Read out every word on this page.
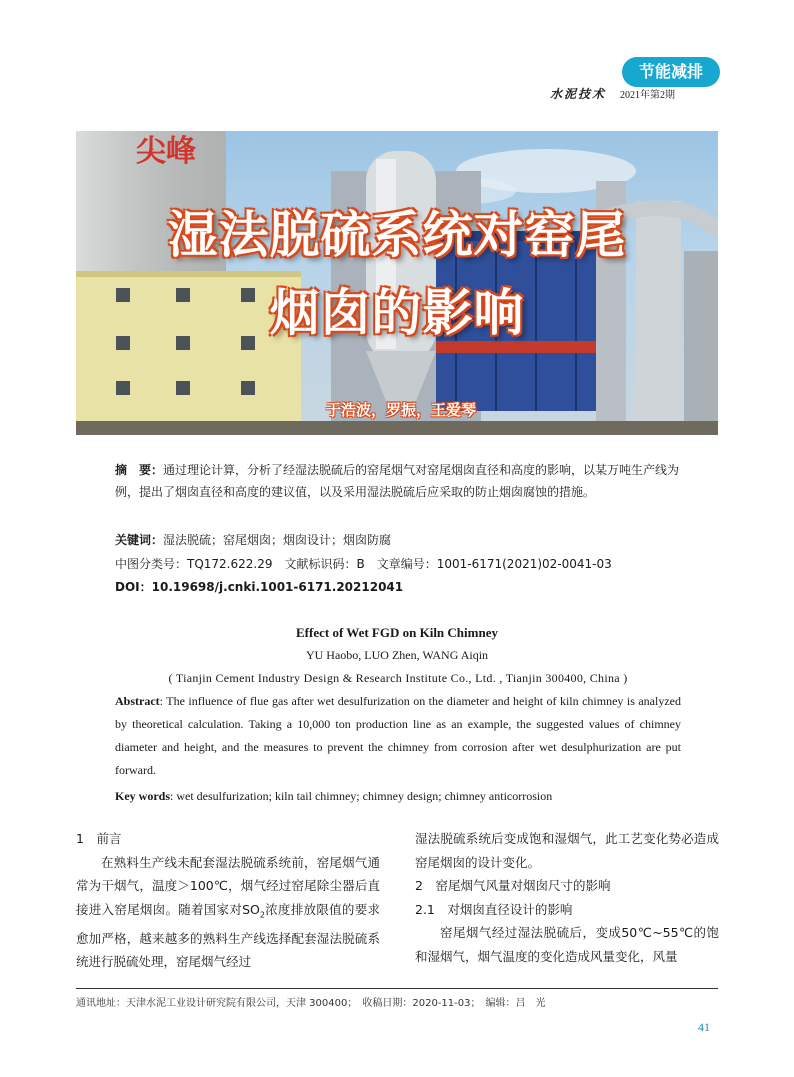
节能减排
水泥技术 2021年第2期
尖峰
湿法脱硫系统对窑尾
烟囱的影响
于浩波，罗振，王爱琴
摘　要：通过理论计算，分析了经湿法脱硫后的窑尾烟气对窑尾烟囱直径和高度的影响，以某万吨生产线为例，提出了烟囱直径和高度的建议值，以及采用湿法脱硫后应采取的防止烟囱腐蚀的措施。
关键词：湿法脱硫；窑尾烟囱；烟囱设计；烟囱防腐
中图分类号：TQ172.622.29　文献标识码：B　文章编号：1001-6171(2021)02-0041-03
DOI：10.19698/j.cnki.1001-6171.20212041
Effect of Wet FGD on Kiln Chimney
YU Haobo, LUO Zhen, WANG Aiqin
( Tianjin Cement Industry Design & Research Institute Co., Ltd. , Tianjin 300400, China )
Abstract: The influence of flue gas after wet desulfurization on the diameter and height of kiln chimney is analyzed by theoretical calculation. Taking a 10,000 ton production line as an example, the suggested values of chimney diameter and height, and the measures to prevent the chimney from corrosion after wet desulphurization are put forward.
Key words: wet desulfurization; kiln tail chimney; chimney design; chimney anticorrosion

1　前言

在熟料生产线未配套湿法脱硫系统前，窑尾烟气通常为干烟气，温度＞100℃，烟气经过窑尾除尘器后直接进入窑尾烟囱。随着国家对$SO_2$浓度排放限值的要求愈加严格，越来越多的熟料生产线选择配套湿法脱硫系统进行脱硫处理，窑尾烟气经过

湿法脱硫系统后变成饱和湿烟气，此工艺变化势必造成窑尾烟囱的设计变化。

2　窑尾烟气风量对烟囱尺寸的影响

2.1　对烟囱直径设计的影响

窑尾烟气经过湿法脱硫后，变成50℃~55℃的饱和湿烟气，烟气温度的变化造成风量变化，风量

通讯地址：天津水泥工业设计研究院有限公司，天津 300400；　收稿日期：2020-11-03；　编辑：吕　光
41
